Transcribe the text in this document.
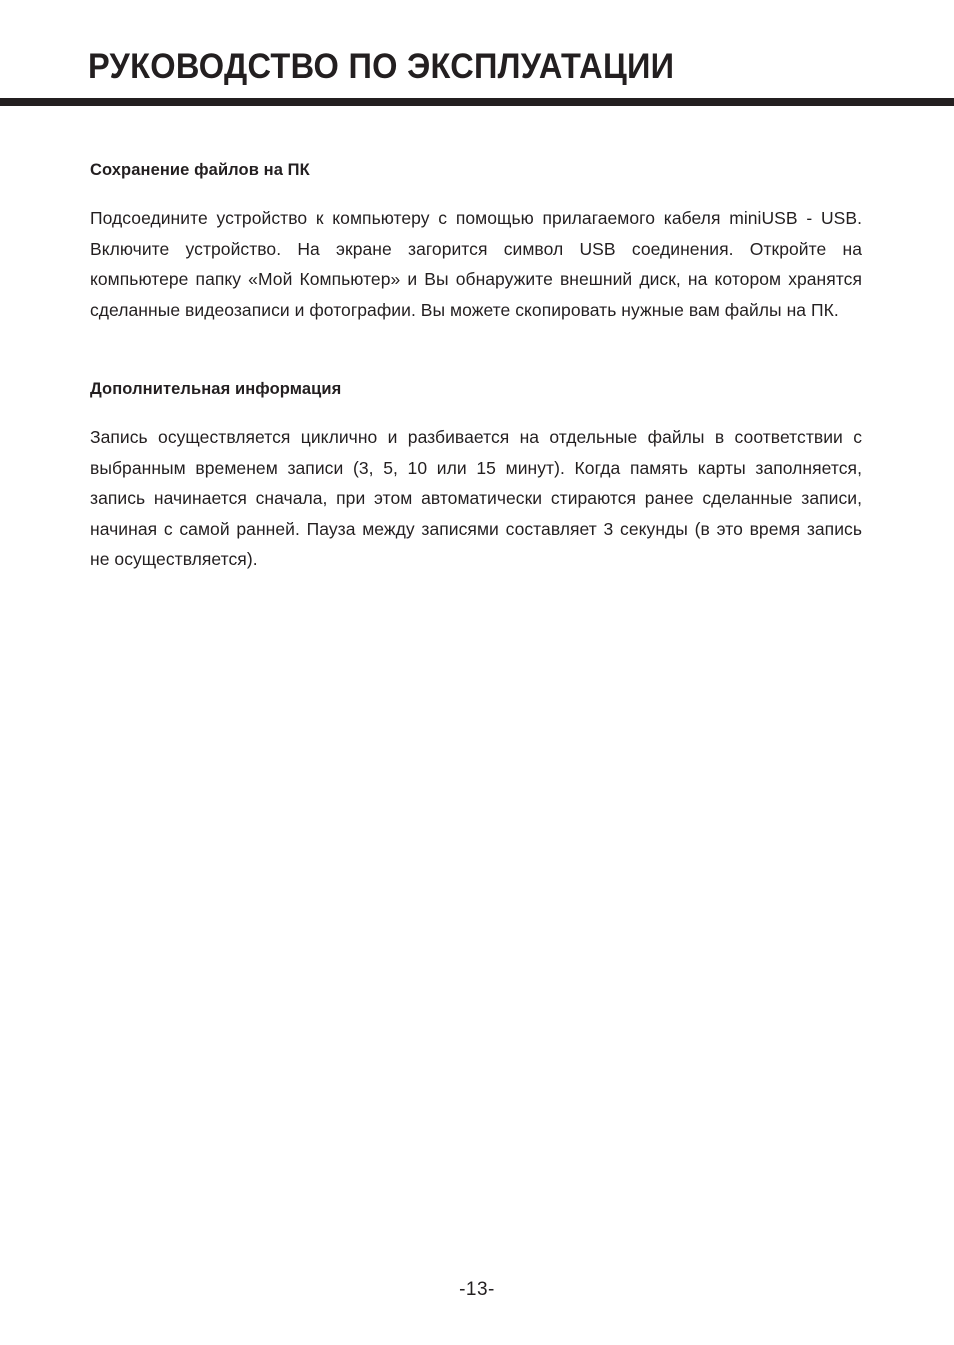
РУКОВОДСТВО ПО ЭКСПЛУАТАЦИИ
Сохранение файлов на ПК

Подсоедините устройство к компьютеру с помощью прилагаемого кабеля miniUSB - USB. Включите устройство. На экране загорится символ USB соединения. Откройте на компьютере папку «Мой Компьютер» и Вы обнаружите внешний диск, на котором хранятся сделанные видеозаписи и фотографии. Вы можете скопировать нужные вам файлы на ПК.

Дополнительная информация

Запись осуществляется циклично и разбивается на отдельные файлы в соответствии с выбранным временем записи (3, 5, 10 или 15 минут). Когда память карты заполняется, запись начинается сначала, при этом автоматически стираются ранее сделанные записи, начиная с самой ранней. Пауза между записями составляет 3 секунды (в это время запись не осуществляется).

-13-
